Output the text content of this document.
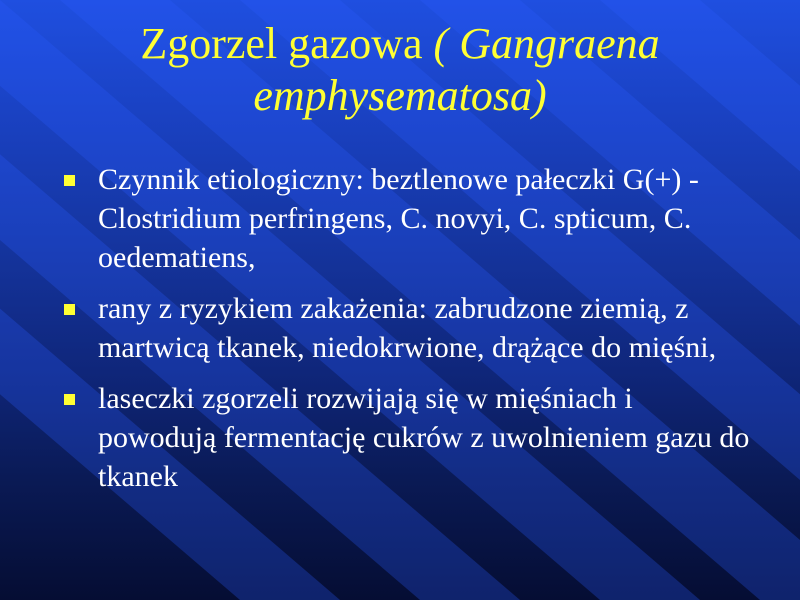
Zgorzel gazowa ( Gangraena emphysematosa)
Czynnik etiologiczny: beztlenowe pałeczki G(+) - Clostridium perfringens, C. novyi, C. spticum, C. oedematiens,
rany z ryzykiem zakażenia: zabrudzone ziemią, z martwicą tkanek, niedokrwione, drążące do mięśni,
laseczki zgorzeli rozwijają się w mięśniach i powodują fermentację cukrów z uwolnieniem gazu do tkanek
